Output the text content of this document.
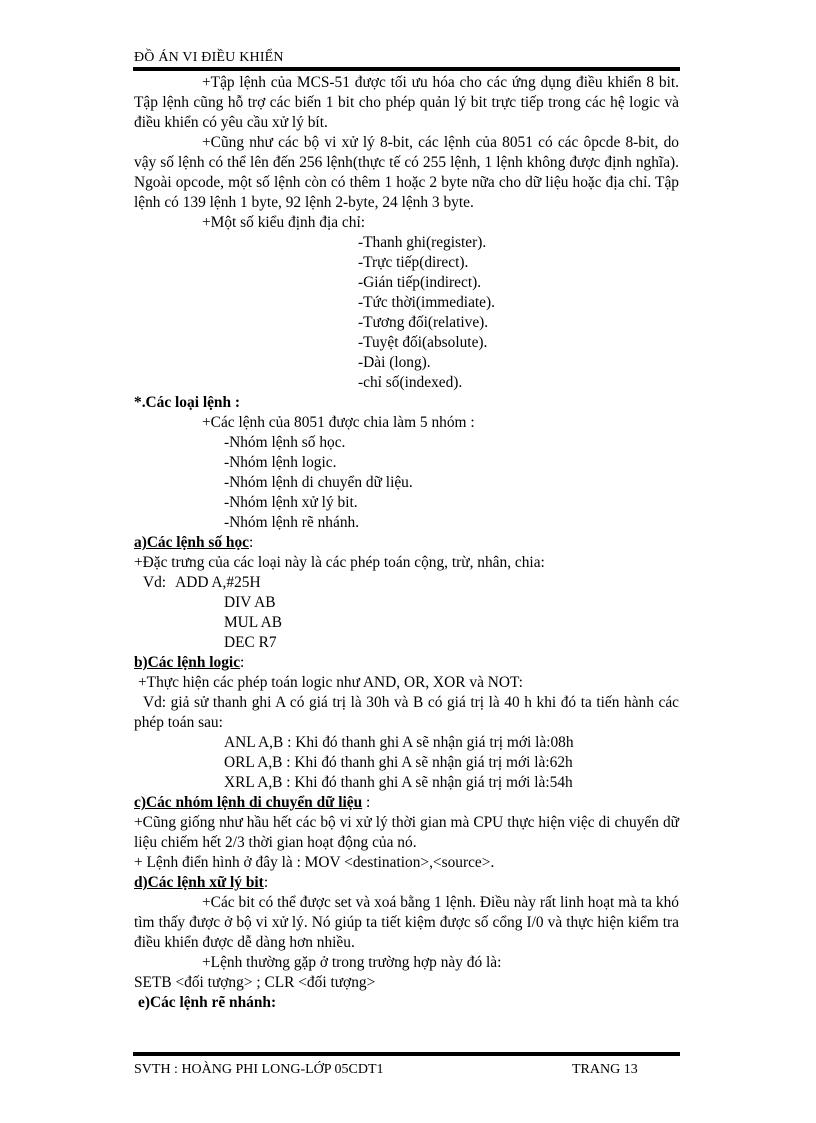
ĐỒ ÁN VI ĐIỀU KHIỂN

+Tập lệnh của MCS-51 được tối ưu hóa cho các ứng dụng điều khiển 8 bit. Tập lệnh cũng hỗ trợ các biến 1 bit cho phép quản lý bit trực tiếp trong các hệ logic và điều khiển có yêu cầu xử lý bít.

+Cũng như các bộ vi xử lý 8-bit, các lệnh của 8051 có các ôpcde 8-bit, do vậy số lệnh có thể lên đến 256 lệnh(thực tế có 255 lệnh, 1 lệnh không được định nghĩa). Ngoài opcode, một số lệnh còn có thêm 1 hoặc 2 byte nữa cho dữ liệu hoặc địa chỉ. Tập lệnh có 139 lệnh 1 byte, 92 lệnh 2-byte, 24 lệnh 3 byte.

+Một số kiểu định địa chỉ:

-Thanh ghi(register).

-Trực tiếp(direct).

-Gián tiếp(indirect).

-Tức thời(immediate).

-Tương đối(relative).

-Tuyệt đối(absolute).

-Dài (long).

-chỉ số(indexed).

*.Các loại lệnh :

+Các lệnh của 8051 được chia làm 5 nhóm :

-Nhóm lệnh số học.

-Nhóm lệnh logic.

-Nhóm lệnh di chuyển dữ liệu.

-Nhóm lệnh xử lý bit.

-Nhóm lệnh rẽ nhánh.

a)Các lệnh số học:

+Đặc trưng của các loại này là các phép toán cộng, trừ, nhân, chia:

Vd: ADD A,#25H

DIV AB

MUL AB

DEC R7

b)Các lệnh logic:

+Thực hiện các phép toán logic như AND, OR, XOR và NOT:

Vd: giả sử thanh ghi A có giá trị là 30h và B có giá trị là 40 h khi đó ta tiến hành các phép toán sau:

ANL A,B : Khi đó thanh ghi A sẽ nhận giá trị mới là:08h

ORL A,B : Khi đó thanh ghi A sẽ nhận giá trị mới là:62h

XRL A,B : Khi đó thanh ghi A sẽ nhận giá trị mới là:54h

c)Các nhóm lệnh di chuyển dữ liệu :

+Cũng giống như hầu hết các bộ vi xử lý thời gian mà CPU thực hiện việc di chuyển dữ liệu chiếm hết 2/3 thời gian hoạt động của nó.

+ Lệnh điển hình ở đây là : MOV <destination>,<source>.

d)Các lệnh xữ lý bit:

+Các bit có thể được set và xoá bằng 1 lệnh. Điều này rất linh hoạt mà ta khó tìm thấy được ở bộ vi xử lý. Nó giúp ta tiết kiệm được số cổng I/0 và thực hiện kiểm tra điều khiển được dễ dàng hơn nhiều.

+Lệnh thường gặp ở trong trường hợp này đó là:

SETB <đối tượng> ; CLR <đối tượng>

e)Các lệnh rẽ nhánh:

SVTH : HOÀNG PHI LONG-LỚP 05CDT1	TRANG 13
